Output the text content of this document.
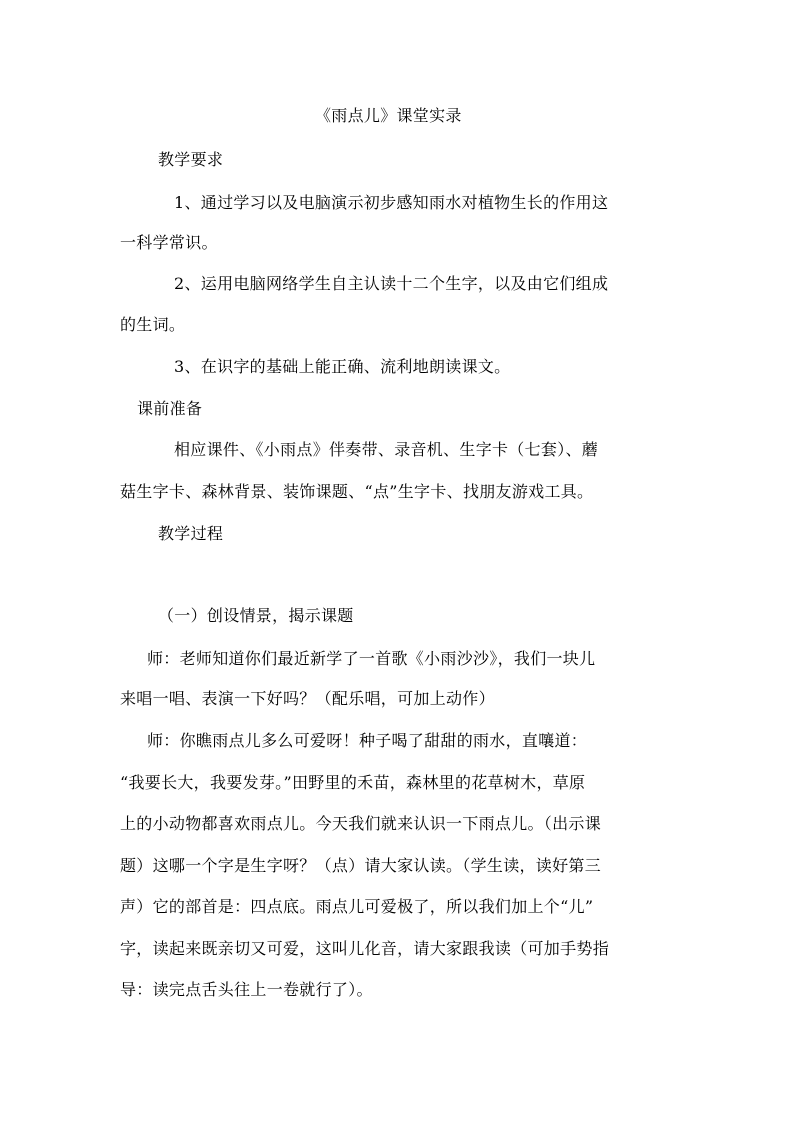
《雨点儿》课堂实录
教学要求
1、通过学习以及电脑演示初步感知雨水对植物生长的作用这
一科学常识。
2、运用电脑网络学生自主认读十二个生字，以及由它们组成
的生词。
3、在识字的基础上能正确、流利地朗读课文。
课前准备
相应课件、《小雨点》伴奏带、录音机、生字卡（七套）、蘑
菇生字卡、森林背景、装饰课题、“点”生字卡、找朋友游戏工具。
教学过程
（一）创设情景，揭示课题
师：老师知道你们最近新学了一首歌《小雨沙沙》，我们一块儿
来唱一唱、表演一下好吗？（配乐唱，可加上动作）
师：你瞧雨点儿多么可爱呀！种子喝了甜甜的雨水，直嚷道：
“我要长大，我要发芽。”田野里的禾苗，森林里的花草树木，草原
上的小动物都喜欢雨点儿。今天我们就来认识一下雨点儿。（出示课
题）这哪一个字是生字呀？（点）请大家认读。（学生读，读好第三
声）它的部首是：四点底。雨点儿可爱极了，所以我们加上个“儿”
字，读起来既亲切又可爱，这叫儿化音，请大家跟我读（可加手势指
导：读完点舌头往上一卷就行了）。
